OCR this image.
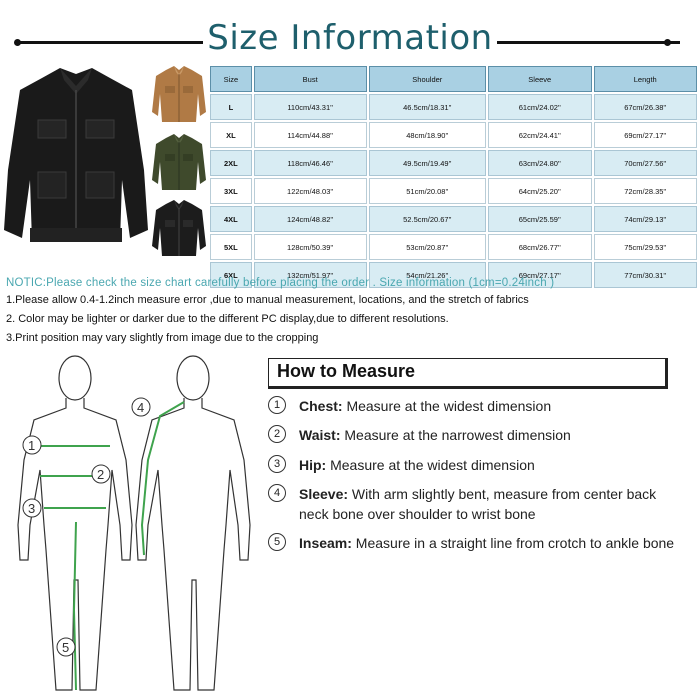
Size Information
Size	Bust	Shoulder	Sleeve	Length
L	110cm/43.31''	46.5cm/18.31''	61cm/24.02''	67cm/26.38''
XL	114cm/44.88''	48cm/18.90''	62cm/24.41''	69cm/27.17''
2XL	118cm/46.46''	49.5cm/19.49''	63cm/24.80''	70cm/27.56''
3XL	122cm/48.03''	51cm/20.08''	64cm/25.20''	72cm/28.35''
4XL	124cm/48.82''	52.5cm/20.67''	65cm/25.59''	74cm/29.13''
5XL	128cm/50.39''	53cm/20.87''	68cm/26.77''	75cm/29.53''
6XL	132cm/51.97''	54cm/21.26''	69cm/27.17''	77cm/30.31''
NOTIC:Please check the size chart carefully before placing the order . Size information (1cm=0.24inch )
1.Please allow 0.4-1.2inch measure error ,due to manual measurement, locations, and the stretch of fabrics
2. Color may be lighter or darker due to the different PC display,due to different resolutions.
3.Print position may vary slightly from image due to the cropping
1
2
3
4
5
How to Measure
1	Chest: Measure at the widest dimension
2	Waist: Measure at the narrowest dimension
3	Hip: Measure at the widest dimension
4	Sleeve: With arm slightly bent, measure from center back neck bone over shoulder to wrist bone
5	Inseam: Measure in a straight line from crotch to ankle bone
